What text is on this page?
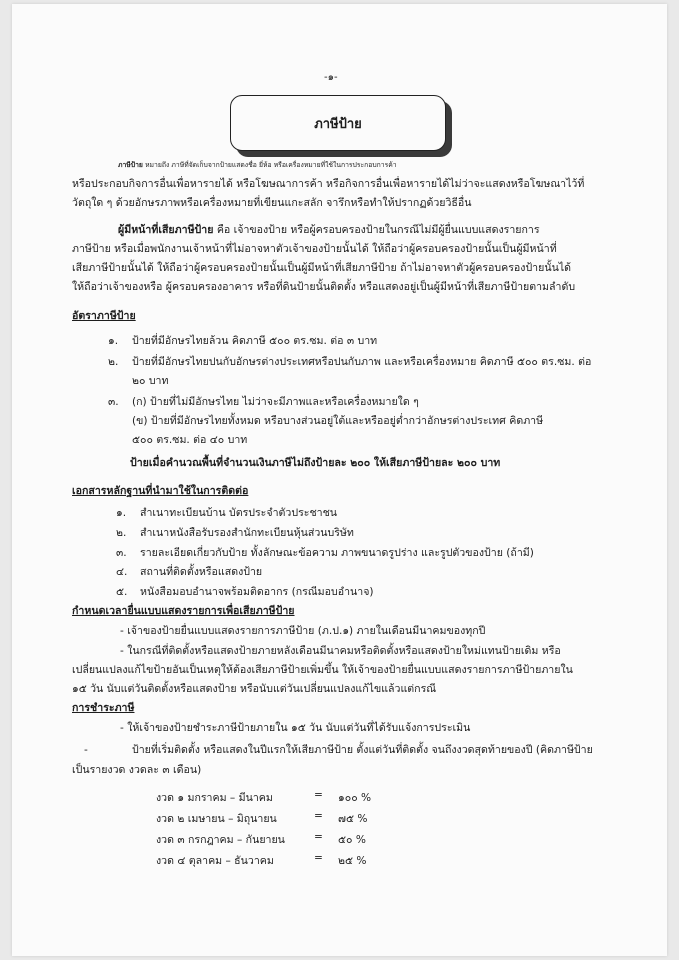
-๑-
ภาษีป้าย
ภาษีป้าย หมายถึง ภาษีที่จัดเก็บจากป้ายแสดงชื่อ ยี่ห้อ หรือเครื่องหมายที่ใช้ในการประกอบการค้า
หรือประกอบกิจการอื่นเพื่อหารายได้ หรือโฆษณาการค้า หรือกิจการอื่นเพื่อหารายได้ไม่ว่าจะแสดงหรือโฆษณาไว้ที่
วัตถุใด ๆ ด้วยอักษรภาพหรือเครื่องหมายที่เขียนแกะสลัก จารึกหรือทำให้ปรากฏด้วยวิธีอื่น
ผู้มีหน้าที่เสียภาษีป้าย คือ เจ้าของป้าย หรือผู้ครอบครองป้ายในกรณีไม่มีผู้ยื่นแบบแสดงรายการ
ภาษีป้าย หรือเมื่อพนักงานเจ้าหน้าที่ไม่อาจหาตัวเจ้าของป้ายนั้นได้ ให้ถือว่าผู้ครอบครองป้ายนั้นเป็นผู้มีหน้าที่
เสียภาษีป้ายนั้นได้ ให้ถือว่าผู้ครอบครองป้ายนั้นเป็นผู้มีหน้าที่เสียภาษีป้าย ถ้าไม่อาจหาตัวผู้ครอบครองป้ายนั้นได้
ให้ถือว่าเจ้าของหรือ ผู้ครอบครองอาคาร หรือที่ดินป้ายนั้นติดตั้ง หรือแสดงอยู่เป็นผู้มีหน้าที่เสียภาษีป้ายตามลำดับ
อัตราภาษีป้าย
๑. ป้ายที่มีอักษรไทยล้วน คิดภาษี ๕๐๐ ตร.ซม. ต่อ ๓ บาท
๒. ป้ายที่มีอักษรไทยปนกับอักษรต่างประเทศหรือปนกับภาพ และหรือเครื่องหมาย คิดภาษี ๕๐๐ ตร.ซม. ต่อ
๒๐ บาท
๓. (ก) ป้ายที่ไม่มีอักษรไทย ไม่ว่าจะมีภาพและหรือเครื่องหมายใด ๆ
(ข) ป้ายที่มีอักษรไทยทั้งหมด หรือบางส่วนอยู่ใต้และหรืออยู่ต่ำกว่าอักษรต่างประเทศ คิดภาษี
๕๐๐ ตร.ซม. ต่อ ๔๐ บาท
ป้ายเมื่อคำนวณพื้นที่จำนวนเงินภาษีไม่ถึงป้ายละ ๒๐๐ ให้เสียภาษีป้ายละ ๒๐๐ บาท
เอกสารหลักฐานที่นำมาใช้ในการติดต่อ
๑. สำเนาทะเบียนบ้าน บัตรประจำตัวประชาชน
๒. สำเนาหนังสือรับรองสำนักทะเบียนหุ้นส่วนบริษัท
๓. รายละเอียดเกี่ยวกับป้าย ทั้งลักษณะข้อความ ภาพขนาดรูปร่าง และรูปตัวของป้าย (ถ้ามี)
๔. สถานที่ติดตั้งหรือแสดงป้าย
๕. หนังสือมอบอำนาจพร้อมติดอากร (กรณีมอบอำนาจ)
กำหนดเวลายื่นแบบแสดงรายการเพื่อเสียภาษีป้าย
- เจ้าของป้ายยื่นแบบแสดงรายการภาษีป้าย (ภ.ป.๑) ภายในเดือนมีนาคมของทุกปี
- ในกรณีที่ติดตั้งหรือแสดงป้ายภายหลังเดือนมีนาคมหรือติดตั้งหรือแสดงป้ายใหม่แทนป้ายเดิม หรือ
เปลี่ยนแปลงแก้ไขป้ายอันเป็นเหตุให้ต้องเสียภาษีป้ายเพิ่มขึ้น ให้เจ้าของป้ายยื่นแบบแสดงรายการภาษีป้ายภายใน
๑๕ วัน นับแต่วันติดตั้งหรือแสดงป้าย หรือนับแต่วันเปลี่ยนแปลงแก้ไขแล้วแต่กรณี
การชำระภาษี
- ให้เจ้าของป้ายชำระภาษีป้ายภายใน ๑๕ วัน นับแต่วันที่ได้รับแจ้งการประเมิน
-	ป้ายที่เริ่มติดตั้ง หรือแสดงในปีแรกให้เสียภาษีป้าย ตั้งแต่วันที่ติดตั้ง จนถึงงวดสุดท้ายของปี (คิดภาษีป้าย
เป็นรายงวด งวดละ ๓ เดือน)
งวด ๑ มกราคม – มีนาคม	= ๑๐๐ %
งวด ๒ เมษายน – มิถุนายน	= ๗๕ %
งวด ๓ กรกฎาคม – กันยายน	= ๕๐ %
งวด ๔ ตุลาคม – ธันวาคม	= ๒๕ %
